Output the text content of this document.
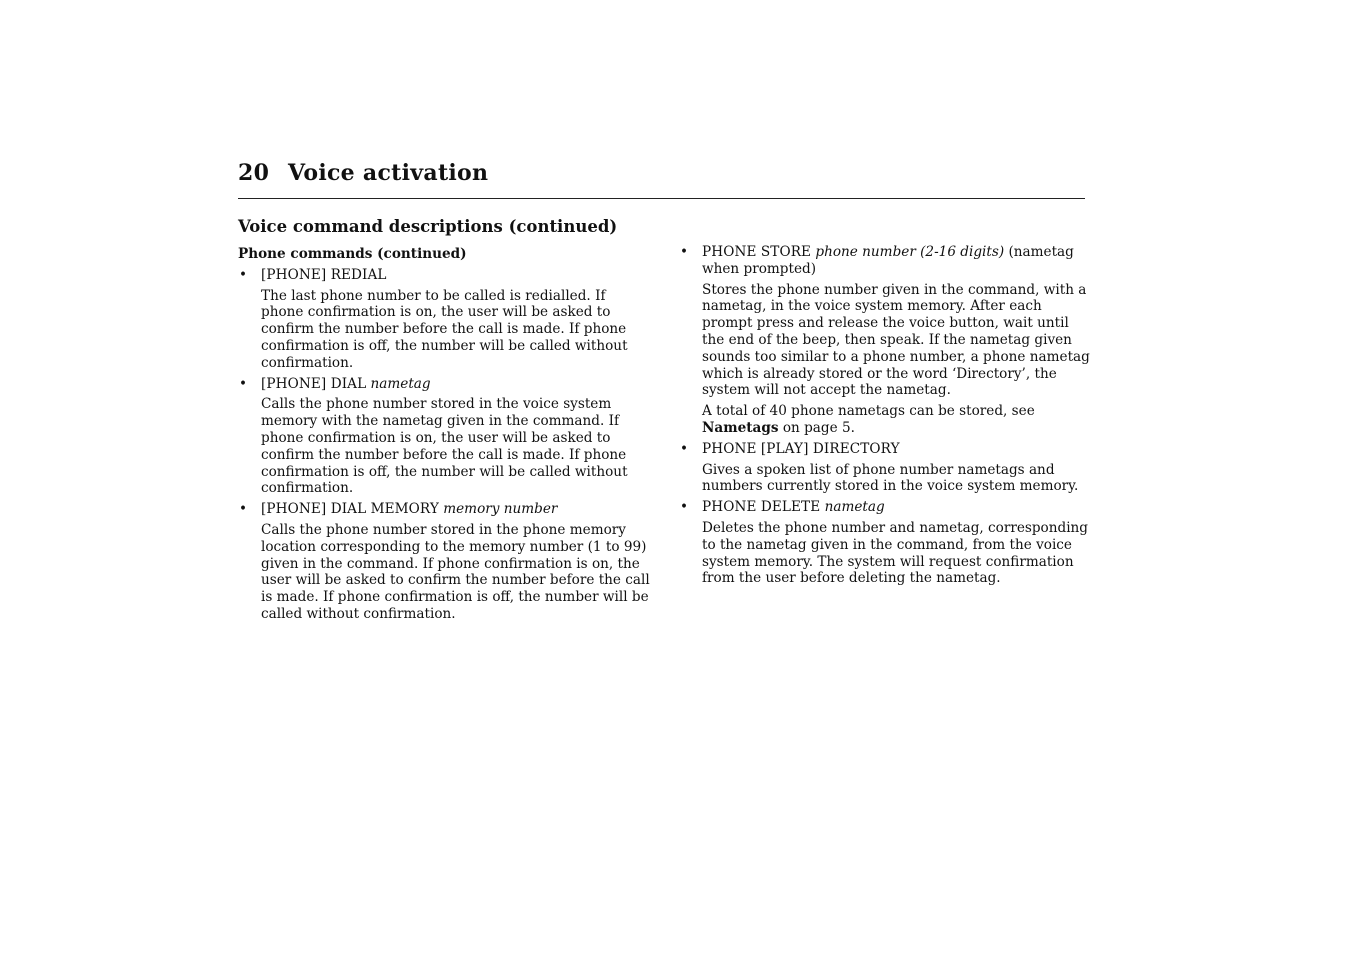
20 Voice activation
Voice command descriptions (continued)
Phone commands (continued)
• [PHONE] REDIAL
The last phone number to be called is redialled. If phone confirmation is on, the user will be asked to confirm the number before the call is made. If phone confirmation is off, the number will be called without confirmation.
• [PHONE] DIAL nametag
Calls the phone number stored in the voice system memory with the nametag given in the command. If phone confirmation is on, the user will be asked to confirm the number before the call is made. If phone confirmation is off, the number will be called without confirmation.
• [PHONE] DIAL MEMORY memory number
Calls the phone number stored in the phone memory location corresponding to the memory number (1 to 99) given in the command. If phone confirmation is on, the user will be asked to confirm the number before the call is made. If phone confirmation is off, the number will be called without confirmation.
• PHONE STORE phone number (2-16 digits) (nametag when prompted)
Stores the phone number given in the command, with a nametag, in the voice system memory. After each prompt press and release the voice button, wait until the end of the beep, then speak. If the nametag given sounds too similar to a phone number, a phone nametag which is already stored or the word ‘Directory’, the system will not accept the nametag.
A total of 40 phone nametags can be stored, see Nametags on page 5.
• PHONE [PLAY] DIRECTORY
Gives a spoken list of phone number nametags and numbers currently stored in the voice system memory.
• PHONE DELETE nametag
Deletes the phone number and nametag, corresponding to the nametag given in the command, from the voice system memory. The system will request confirmation from the user before deleting the nametag.
